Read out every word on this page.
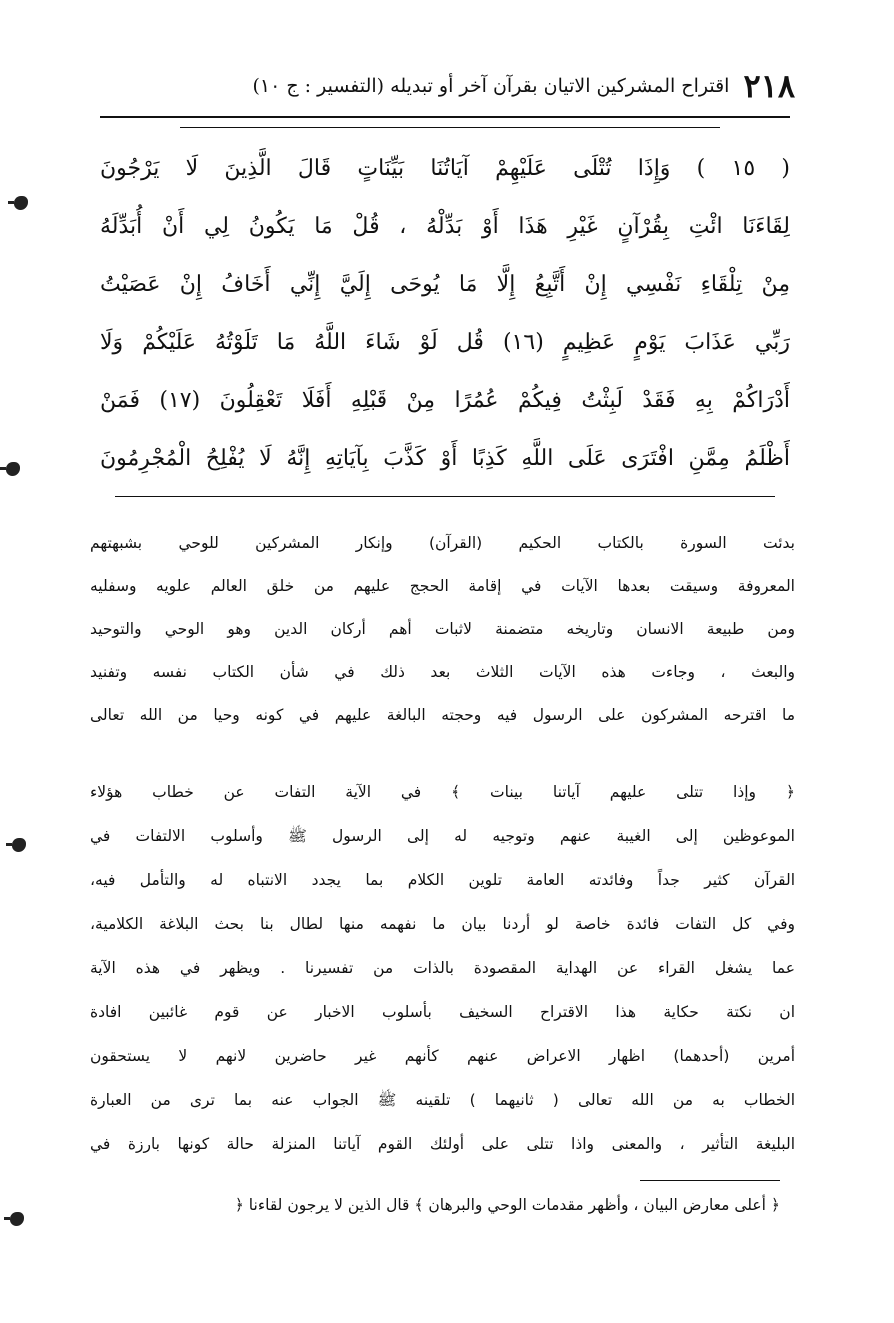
٢١٨
اقتراح المشركين الاتيان بقرآن آخر أو تبديله (التفسير : ج ١٠)
( ١٥ ) وَإِذَا تُتْلَى عَلَيْهِمْ آيَاتُنَا بَيِّنَاتٍ قَالَ الَّذِينَ لَا يَرْجُونَ
لِقَاءَنَا ائْتِ بِقُرْآنٍ غَيْرِ هَذَا أَوْ بَدِّلْهُ ، قُلْ مَا يَكُونُ لِي أَنْ أُبَدِّلَهُ
مِنْ تِلْقَاءِ نَفْسِي إِنْ أَتَّبِعُ إِلَّا مَا يُوحَى إِلَيَّ إِنِّي أَخَافُ إِنْ عَصَيْتُ
رَبِّي عَذَابَ يَوْمٍ عَظِيمٍ (١٦) قُل لَوْ شَاءَ اللَّهُ مَا تَلَوْتُهُ عَلَيْكُمْ وَلَا
أَدْرَاكُمْ بِهِ فَقَدْ لَبِثْتُ فِيكُمْ عُمُرًا مِنْ قَبْلِهِ أَفَلَا تَعْقِلُونَ (١٧) فَمَنْ
أَظْلَمُ مِمَّنِ افْتَرَى عَلَى اللَّهِ كَذِبًا أَوْ كَذَّبَ بِآيَاتِهِ إِنَّهُ لَا يُفْلِحُ الْمُجْرِمُونَ
بدئت السورة بالكتاب الحكيم (القرآن) وإنكار المشركين للوحي بشبهتهم
المعروفة وسيقت بعدها الآيات في إقامة الحجج عليهم من خلق العالم علويه وسفليه
ومن طبيعة الانسان وتاريخه متضمنة لاثبات أهم أركان الدين وهو الوحي والتوحيد
والبعث ، وجاءت هذه الآيات الثلاث بعد ذلك في شأن الكتاب نفسه وتفنيد
ما اقترحه المشركون على الرسول فيه وحجته البالغة عليهم في كونه وحيا من الله تعالى
﴿ وإذا تتلى عليهم آياتنا بينات ﴾ في الآية التفات عن خطاب هؤلاء
الموعوظين إلى الغيبة عنهم وتوجيه له إلى الرسول ﷺ وأسلوب الالتفات في
القرآن كثير جداً وفائدته العامة تلوين الكلام بما يجدد الانتباه له والتأمل فيه،
وفي كل التفات فائدة خاصة لو أردنا بيان ما نفهمه منها لطال بنا بحث البلاغة الكلامية،
عما يشغل القراء عن الهداية المقصودة بالذات من تفسيرنا . ويظهر في هذه الآية
ان نكتة حكاية هذا الاقتراح السخيف بأسلوب الاخبار عن قوم غائبين افادة
أمرين (أحدهما) اظهار الاعراض عنهم كأنهم غير حاضرين لانهم لا يستحقون
الخطاب به من الله تعالى ( ثانيهما ) تلقينه ﷺ الجواب عنه بما ترى من العبارة
البليغة التأثير ، والمعنى واذا تتلى على أولئك القوم آياتنا المنزلة حالة كونها بارزة في
﴿ أعلى معارض البيان ، وأظهر مقدمات الوحي والبرهان ﴾ قال الذين لا يرجون لقاءنا ﴿
